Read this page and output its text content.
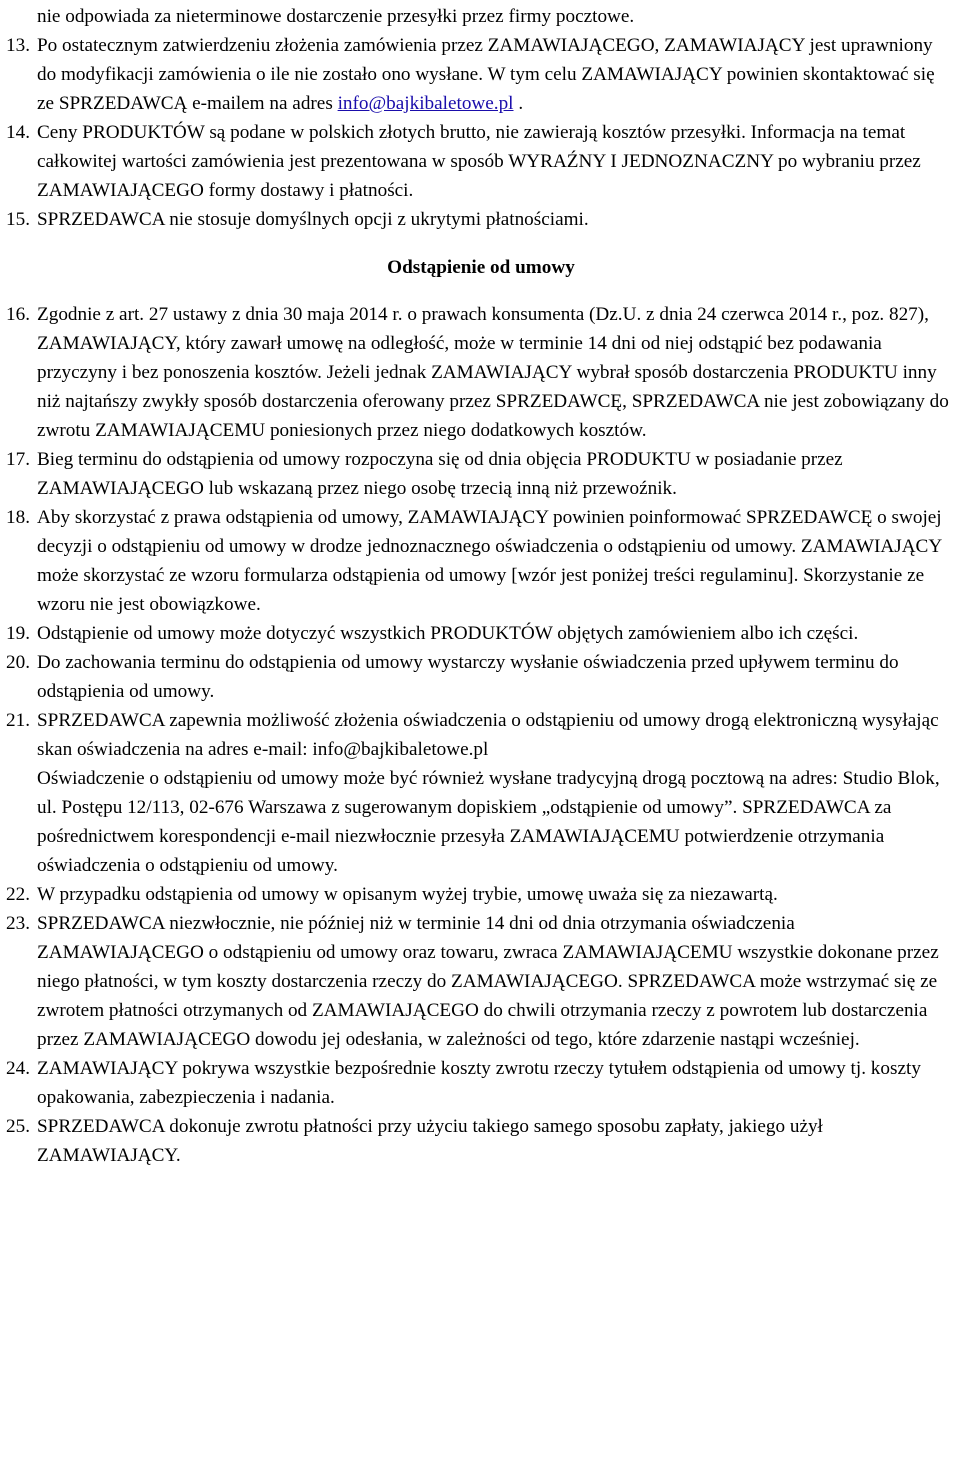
nie odpowiada za nieterminowe dostarczenie przesyłki przez firmy pocztowe.

13. Po ostatecznym zatwierdzeniu złożenia zamówienia przez ZAMAWIAJĄCEGO, ZAMAWIAJĄCY jest uprawniony do modyfikacji zamówienia o ile nie zostało ono wysłane. W tym celu ZAMAWIAJĄCY powinien skontaktować się ze SPRZEDAWCĄ e-mailem na adres info@bajkibaletowe.pl .
14. Ceny PRODUKTÓW są podane w polskich złotych brutto, nie zawierają kosztów przesyłki. Informacja na temat całkowitej wartości zamówienia jest prezentowana w sposób WYRAŹNY I JEDNOZNACZNY po wybraniu przez ZAMAWIAJĄCEGO formy dostawy i płatności.
15. SPRZEDAWCA nie stosuje domyślnych opcji z ukrytymi płatnościami.
Odstąpienie od umowy
16. Zgodnie z art. 27 ustawy z dnia 30 maja 2014 r. o prawach konsumenta (Dz.U. z dnia 24 czerwca 2014 r., poz. 827), ZAMAWIAJĄCY, który zawarł umowę na odległość, może w terminie 14 dni od niej odstąpić bez podawania przyczyny i bez ponoszenia kosztów. Jeżeli jednak ZAMAWIAJĄCY wybrał sposób dostarczenia PRODUKTU inny niż najtańszy zwykły sposób dostarczenia oferowany przez SPRZEDAWCĘ, SPRZEDAWCA nie jest zobowiązany do zwrotu ZAMAWIAJĄCEMU poniesionych przez niego dodatkowych kosztów.
17. Bieg terminu do odstąpienia od umowy rozpoczyna się od dnia objęcia PRODUKTU w posiadanie przez ZAMAWIAJĄCEGO lub wskazaną przez niego osobę trzecią inną niż przewoźnik.
18. Aby skorzystać z prawa odstąpienia od umowy, ZAMAWIAJĄCY powinien poinformować SPRZEDAWCĘ o swojej decyzji o odstąpieniu od umowy w drodze jednoznacznego oświadczenia o odstąpieniu od umowy. ZAMAWIAJĄCY może skorzystać ze wzoru formularza odstąpienia od umowy [wzór jest poniżej treści regulaminu]. Skorzystanie ze wzoru nie jest obowiązkowe.
19. Odstąpienie od umowy może dotyczyć wszystkich PRODUKTÓW objętych zamówieniem albo ich części.
20. Do zachowania terminu do odstąpienia od umowy wystarczy wysłanie oświadczenia przed upływem terminu do odstąpienia od umowy.
21. SPRZEDAWCA zapewnia możliwość złożenia oświadczenia o odstąpieniu od umowy drogą elektroniczną wysyłając skan oświadczenia na adres e-mail: info@bajkibaletowe.pl

Oświadczenie o odstąpieniu od umowy może być również wysłane tradycyjną drogą pocztową na adres: Studio Blok, ul. Postępu 12/113, 02-676 Warszawa z sugerowanym dopiskiem „odstąpienie od umowy”. SPRZEDAWCA za pośrednictwem korespondencji e-mail niezwłocznie przesyła ZAMAWIAJĄCEMU potwierdzenie otrzymania oświadczenia o odstąpieniu od umowy.

22. W przypadku odstąpienia od umowy w opisanym wyżej trybie, umowę uważa się za niezawartą.
23. SPRZEDAWCA niezwłocznie, nie później niż w terminie 14 dni od dnia otrzymania oświadczenia ZAMAWIAJĄCEGO o odstąpieniu od umowy oraz towaru, zwraca ZAMAWIAJĄCEMU wszystkie dokonane przez niego płatności, w tym koszty dostarczenia rzeczy do ZAMAWIAJĄCEGO. SPRZEDAWCA może wstrzymać się ze zwrotem płatności otrzymanych od ZAMAWIAJĄCEGO do chwili otrzymania rzeczy z powrotem lub dostarczenia przez ZAMAWIAJĄCEGO dowodu jej odesłania, w zależności od tego, które zdarzenie nastąpi wcześniej.
24. ZAMAWIAJĄCY pokrywa wszystkie bezpośrednie koszty zwrotu rzeczy tytułem odstąpienia od umowy tj. koszty opakowania, zabezpieczenia i nadania.
25. SPRZEDAWCA dokonuje zwrotu płatności przy użyciu takiego samego sposobu zapłaty, jakiego użył ZAMAWIAJĄCY.
